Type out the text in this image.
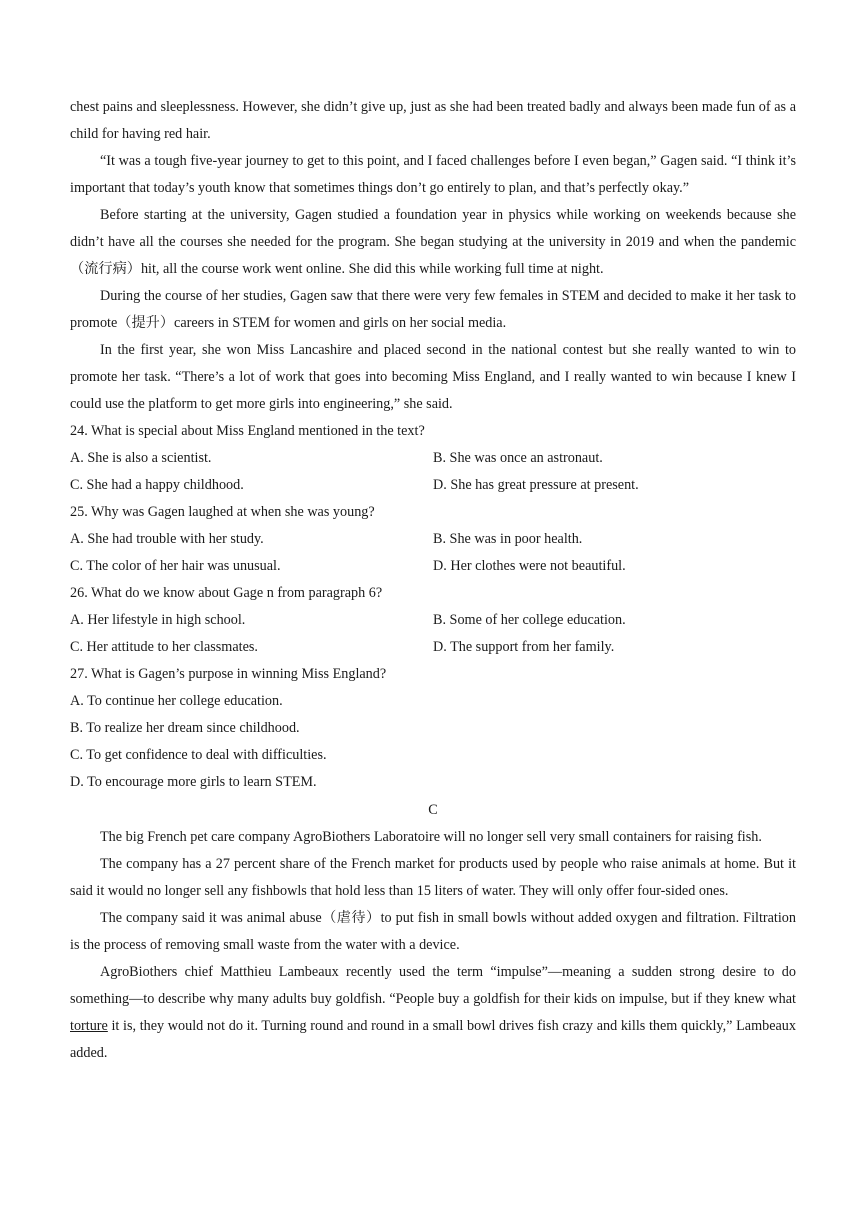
chest pains and sleeplessness. However, she didn’t give up, just as she had been treated badly and always been made fun of as a child for having red hair.

“It was a tough five-year journey to get to this point, and I faced challenges before I even began,” Gagen said. “I think it’s important that today’s youth know that sometimes things don’t go entirely to plan, and that’s perfectly okay.”

Before starting at the university, Gagen studied a foundation year in physics while working on weekends because she didn’t have all the courses she needed for the program. She began studying at the university in 2019 and when the pandemic（流行病）hit, all the course work went online. She did this while working full time at night.

During the course of her studies, Gagen saw that there were very few females in STEM and decided to make it her task to promote（提升）careers in STEM for women and girls on her social media.

In the first year, she won Miss Lancashire and placed second in the national contest but she really wanted to win to promote her task. “There’s a lot of work that goes into becoming Miss England, and I really wanted to win because I knew I could use the platform to get more girls into engineering,” she said.

24. What is special about Miss England mentioned in the text?
A. She is also a scientist.	B. She was once an astronaut.
C. She had a happy childhood.	D. She has great pressure at present.
25. Why was Gagen laughed at when she was young?
A. She had trouble with her study.	B. She was in poor health.
C. The color of her hair was unusual.	D. Her clothes were not beautiful.
26. What do we know about Gage n from paragraph 6?
A. Her lifestyle in high school.	B. Some of her college education.
C. Her attitude to her classmates.	D. The support from her family.
27. What is Gagen’s purpose in winning Miss England?
A. To continue her college education.
B. To realize her dream since childhood.
C. To get confidence to deal with difficulties.
D. To encourage more girls to learn STEM.
C

The big French pet care company AgroBiothers Laboratoire will no longer sell very small containers for raising fish.

The company has a 27 percent share of the French market for products used by people who raise animals at home. But it said it would no longer sell any fishbowls that hold less than 15 liters of water. They will only offer four-sided ones.

The company said it was animal abuse（虐待）to put fish in small bowls without added oxygen and filtration. Filtration is the process of removing small waste from the water with a device.

AgroBiothers chief Matthieu Lambeaux recently used the term “impulse”—meaning a sudden strong desire to do something—to describe why many adults buy goldfish. “People buy a goldfish for their kids on impulse, but if they knew what torture it is, they would not do it. Turning round and round in a small bowl drives fish crazy and kills them quickly,” Lambeaux added.
